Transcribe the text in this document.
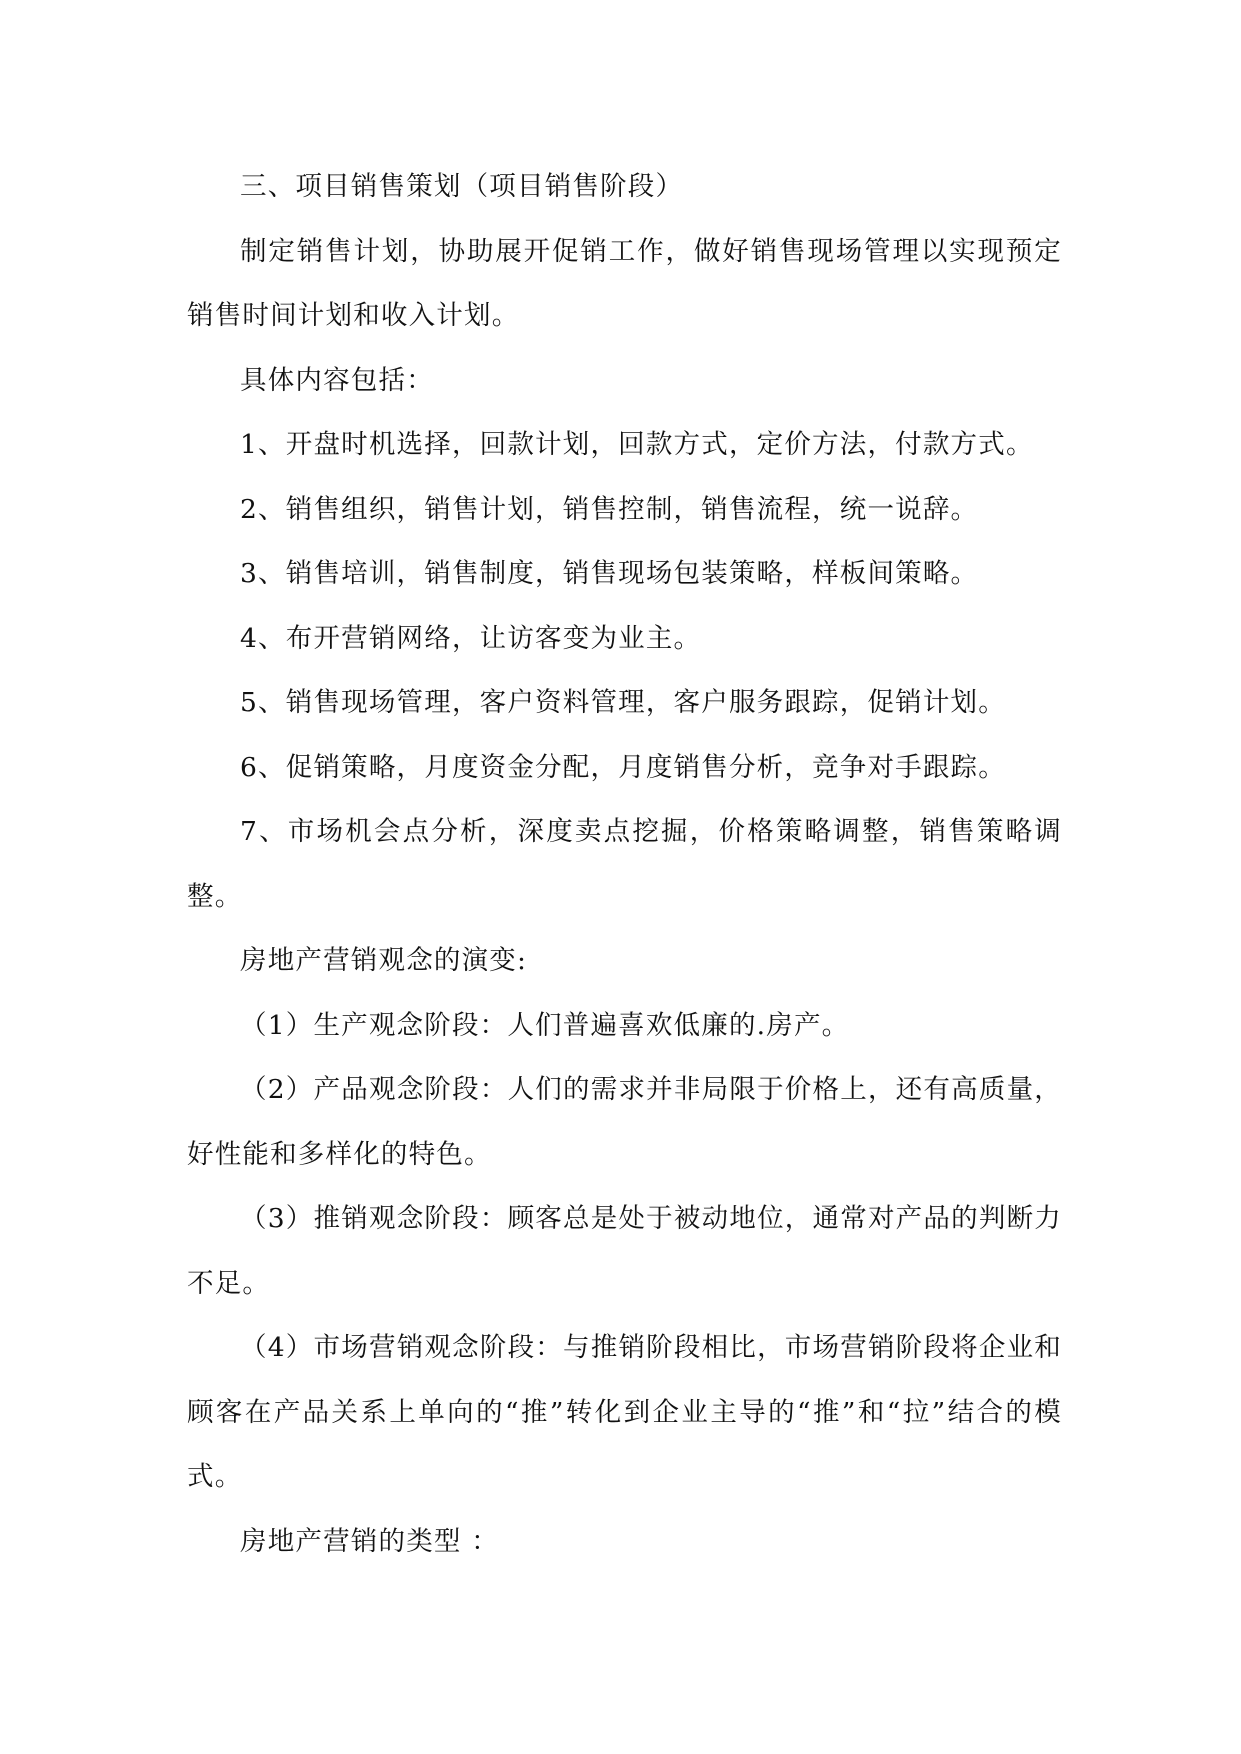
三、项目销售策划（项目销售阶段）

制定销售计划，协助展开促销工作，做好销售现场管理以实现预定销售时间计划和收入计划。

具体内容包括：

1、开盘时机选择，回款计划，回款方式，定价方法，付款方式。

2、销售组织，销售计划，销售控制，销售流程，统一说辞。

3、销售培训，销售制度，销售现场包装策略，样板间策略。

4、布开营销网络，让访客变为业主。

5、销售现场管理，客户资料管理，客户服务跟踪，促销计划。

6、促销策略，月度资金分配，月度销售分析，竞争对手跟踪。

7、市场机会点分析，深度卖点挖掘，价格策略调整，销售策略调整。

房地产营销观念的演变:

（1）生产观念阶段：人们普遍喜欢低廉的.房产。

（2）产品观念阶段：人们的需求并非局限于价格上，还有高质量，好性能和多样化的特色。

（3）推销观念阶段：顾客总是处于被动地位，通常对产品的判断力不足。

（4）市场营销观念阶段：与推销阶段相比，市场营销阶段将企业和顾客在产品关系上单向的“推”转化到企业主导的“推”和“拉”结合的模式。

房地产营销的类型 ：
